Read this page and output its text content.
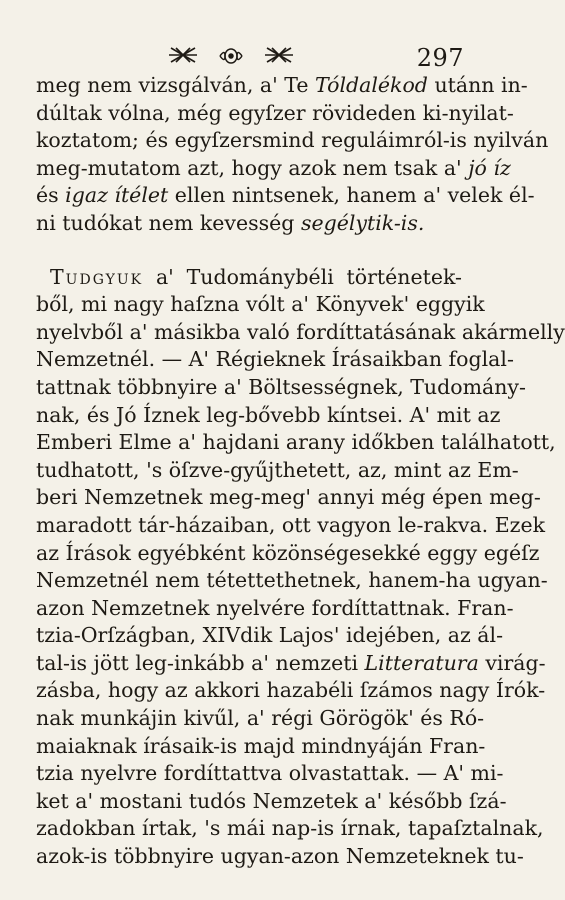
297
meg nem vizsgálván, a' Te Tóldalékod utánn in-
dúltak vólna, még egyſzer rövideden ki-nyilat-
koztatom; és egyſzersmind reguláimról-is nyilván
meg-mutatom azt, hogy azok nem tsak a' jó íz
és igaz ítélet ellen nintsenek, hanem a' velek él-
ni tudókat nem kevesség segélytik-is.
Tudgyuk a' Tudománybéli történetek-
ből, mi nagy haſzna vólt a' Könyvek' eggyik
nyelvből a' másikba való fordíttatásának akármelly
Nemzetnél. — A' Régieknek Írásaikban foglal-
tattnak többnyire a' Böltsességnek, Tudomány-
nak, és Jó Íznek leg-bővebb kíntsei. A' mit az
Emberi Elme a' hajdani arany időkben találhatott,
tudhatott, 's öſzve-gyűjthetett, az, mint az Em-
beri Nemzetnek meg-meg' annyi még épen meg-
maradott tár-házaiban, ott vagyon le-rakva. Ezek
az Írások egyébként közönségesekké eggy egéſz
Nemzetnél nem tétettethetnek, hanem-ha ugyan-
azon Nemzetnek nyelvére fordíttattnak. Fran-
tzia-Orſzágban, XIVdik Lajos' idejében, az ál-
tal-is jött leg-inkább a' nemzeti Litteratura virág-
zásba, hogy az akkori hazabéli ſzámos nagy Írók-
nak munkájin kivűl, a' régi Görögök' és Ró-
maiaknak írásaik-is majd mindnyáján Fran-
tzia nyelvre fordíttattva olvastattak. — A' mi-
ket a' mostani tudós Nemzetek a' később ſzá-
zadokban írtak, 's mái nap-is írnak, tapaſztalnak,
azok-is többnyire ugyan-azon Nemzeteknek tu-
